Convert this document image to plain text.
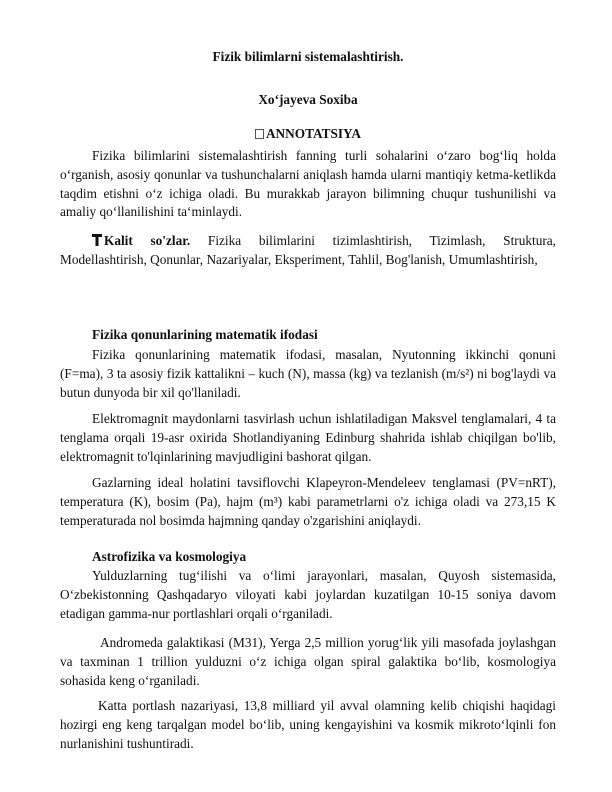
Fizik bilimlarni sistemalashtirish.
Xo‘jayeva Soxiba
ANNOTATSIYA

Fizika bilimlarini sistemalashtirish fanning turli sohalarini o‘zaro bog‘liq holda o‘rganish, asosiy qonunlar va tushunchalarni aniqlash hamda ularni mantiqiy ketma-ketlikda taqdim etishni o‘z ichiga oladi. Bu murakkab jarayon bilimning chuqur tushunilishi va amaliy qo‘llanilishini ta‘minlaydi.

Kalit so'zlar. Fizika bilimlarini tizimlashtirish, Tizimlash, Struktura, Modellashtirish, Qonunlar, Nazariyalar, Eksperiment, Tahlil, Bog'lanish, Umumlashtirish,

Fizika qonunlarining matematik ifodasi

Fizika qonunlarining matematik ifodasi, masalan, Nyutonning ikkinchi qonuni (F=ma), 3 ta asosiy fizik kattalikni – kuch (N), massa (kg) va tezlanish (m/s²) ni bog'laydi va butun dunyoda bir xil qo'llaniladi.

Elektromagnit maydonlarni tasvirlash uchun ishlatiladigan Maksvel tenglamalari, 4 ta tenglama orqali 19-asr oxirida Shotlandiyaning Edinburg shahrida ishlab chiqilgan bo'lib, elektromagnit to'lqinlarining mavjudligini bashorat qilgan.

Gazlarning ideal holatini tavsiflovchi Klapeyron-Mendeleev tenglamasi (PV=nRT), temperatura (K), bosim (Pa), hajm (m³) kabi parametrlarni o'z ichiga oladi va 273,15 K temperaturada nol bosimda hajmning qanday o'zgarishini aniqlaydi.

Astrofizika va kosmologiya

Yulduzlarning tug‘ilishi va o‘limi jarayonlari, masalan, Quyosh sistemasida, O‘zbekistonning Qashqadaryo viloyati kabi joylardan kuzatilgan 10-15 soniya davom etadigan gamma-nur portlashlari orqali o‘rganiladi.

Andromeda galaktikasi (M31), Yerga 2,5 million yorug‘lik yili masofada joylashgan va taxminan 1 trillion yulduzni o‘z ichiga olgan spiral galaktika bo‘lib, kosmologiya sohasida keng o‘rganiladi.

Katta portlash nazariyasi, 13,8 milliard yil avval olamning kelib chiqishi haqidagi hozirgi eng keng tarqalgan model bo‘lib, uning kengayishini va kosmik mikroto‘lqinli fon nurlanishini tushuntiradi.
